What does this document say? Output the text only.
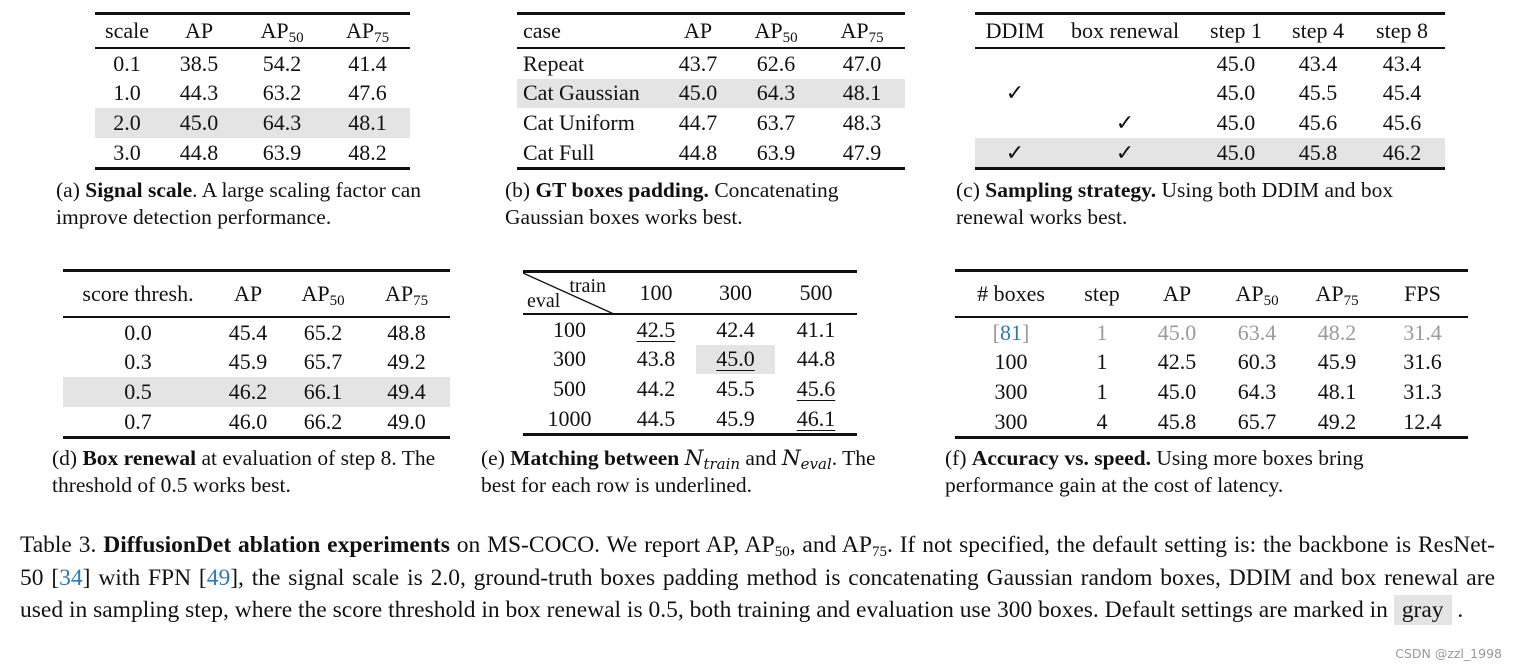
scale	AP	$AP_{50}$	$AP_{75}$
0.1	38.5	54.2	41.4
1.0	44.3	63.2	47.6
2.0	45.0	64.3	48.1
3.0	44.8	63.9	48.2
(a) Signal scale. A large scaling factor can improve detection performance.
case	AP	$AP_{50}$	$AP_{75}$
Repeat	43.7	62.6	47.0
Cat Gaussian	45.0	64.3	48.1
Cat Uniform	44.7	63.7	48.3
Cat Full	44.8	63.9	47.9
(b) GT boxes padding. Concatenating Gaussian boxes works best.
DDIM	box renewal	step 1	step 4	step 8
		45.0	43.4	43.4
✓		45.0	45.5	45.4
	✓	45.0	45.6	45.6
✓	✓	45.0	45.8	46.2
(c) Sampling strategy. Using both DDIM and box renewal works best.
score thresh.	AP	$AP_{50}$	$AP_{75}$
0.0	45.4	65.2	48.8
0.3	45.9	65.7	49.2
0.5	46.2	66.1	49.4
0.7	46.0	66.2	49.0
(d) Box renewal at evaluation of step 8. The threshold of 0.5 works best.
train
eval	100	300	500
100	42.5	42.4	41.1
300	43.8	45.0	44.8
500	44.2	45.5	45.6
1000	44.5	45.9	46.1
(e) Matching between $N_{train}$ and $N_{eval}$. The best for each row is underlined.
# boxes	step	AP	$AP_{50}$	$AP_{75}$	FPS
[81]	1	45.0	63.4	48.2	31.4
100	1	42.5	60.3	45.9	31.6
300	1	45.0	64.3	48.1	31.3
300	4	45.8	65.7	49.2	12.4
(f) Accuracy vs. speed. Using more boxes bring performance gain at the cost of latency.
Table 3. DiffusionDet ablation experiments on MS-COCO. We report AP, $AP_{50}$, and $AP_{75}$. If not specified, the default setting is: the backbone is ResNet-50 [34] with FPN [49], the signal scale is 2.0, ground-truth boxes padding method is concatenating Gaussian random boxes, DDIM and box renewal are used in sampling step, where the score threshold in box renewal is 0.5, both training and evaluation use 300 boxes. Default settings are marked in gray .
CSDN @zzl_1998
